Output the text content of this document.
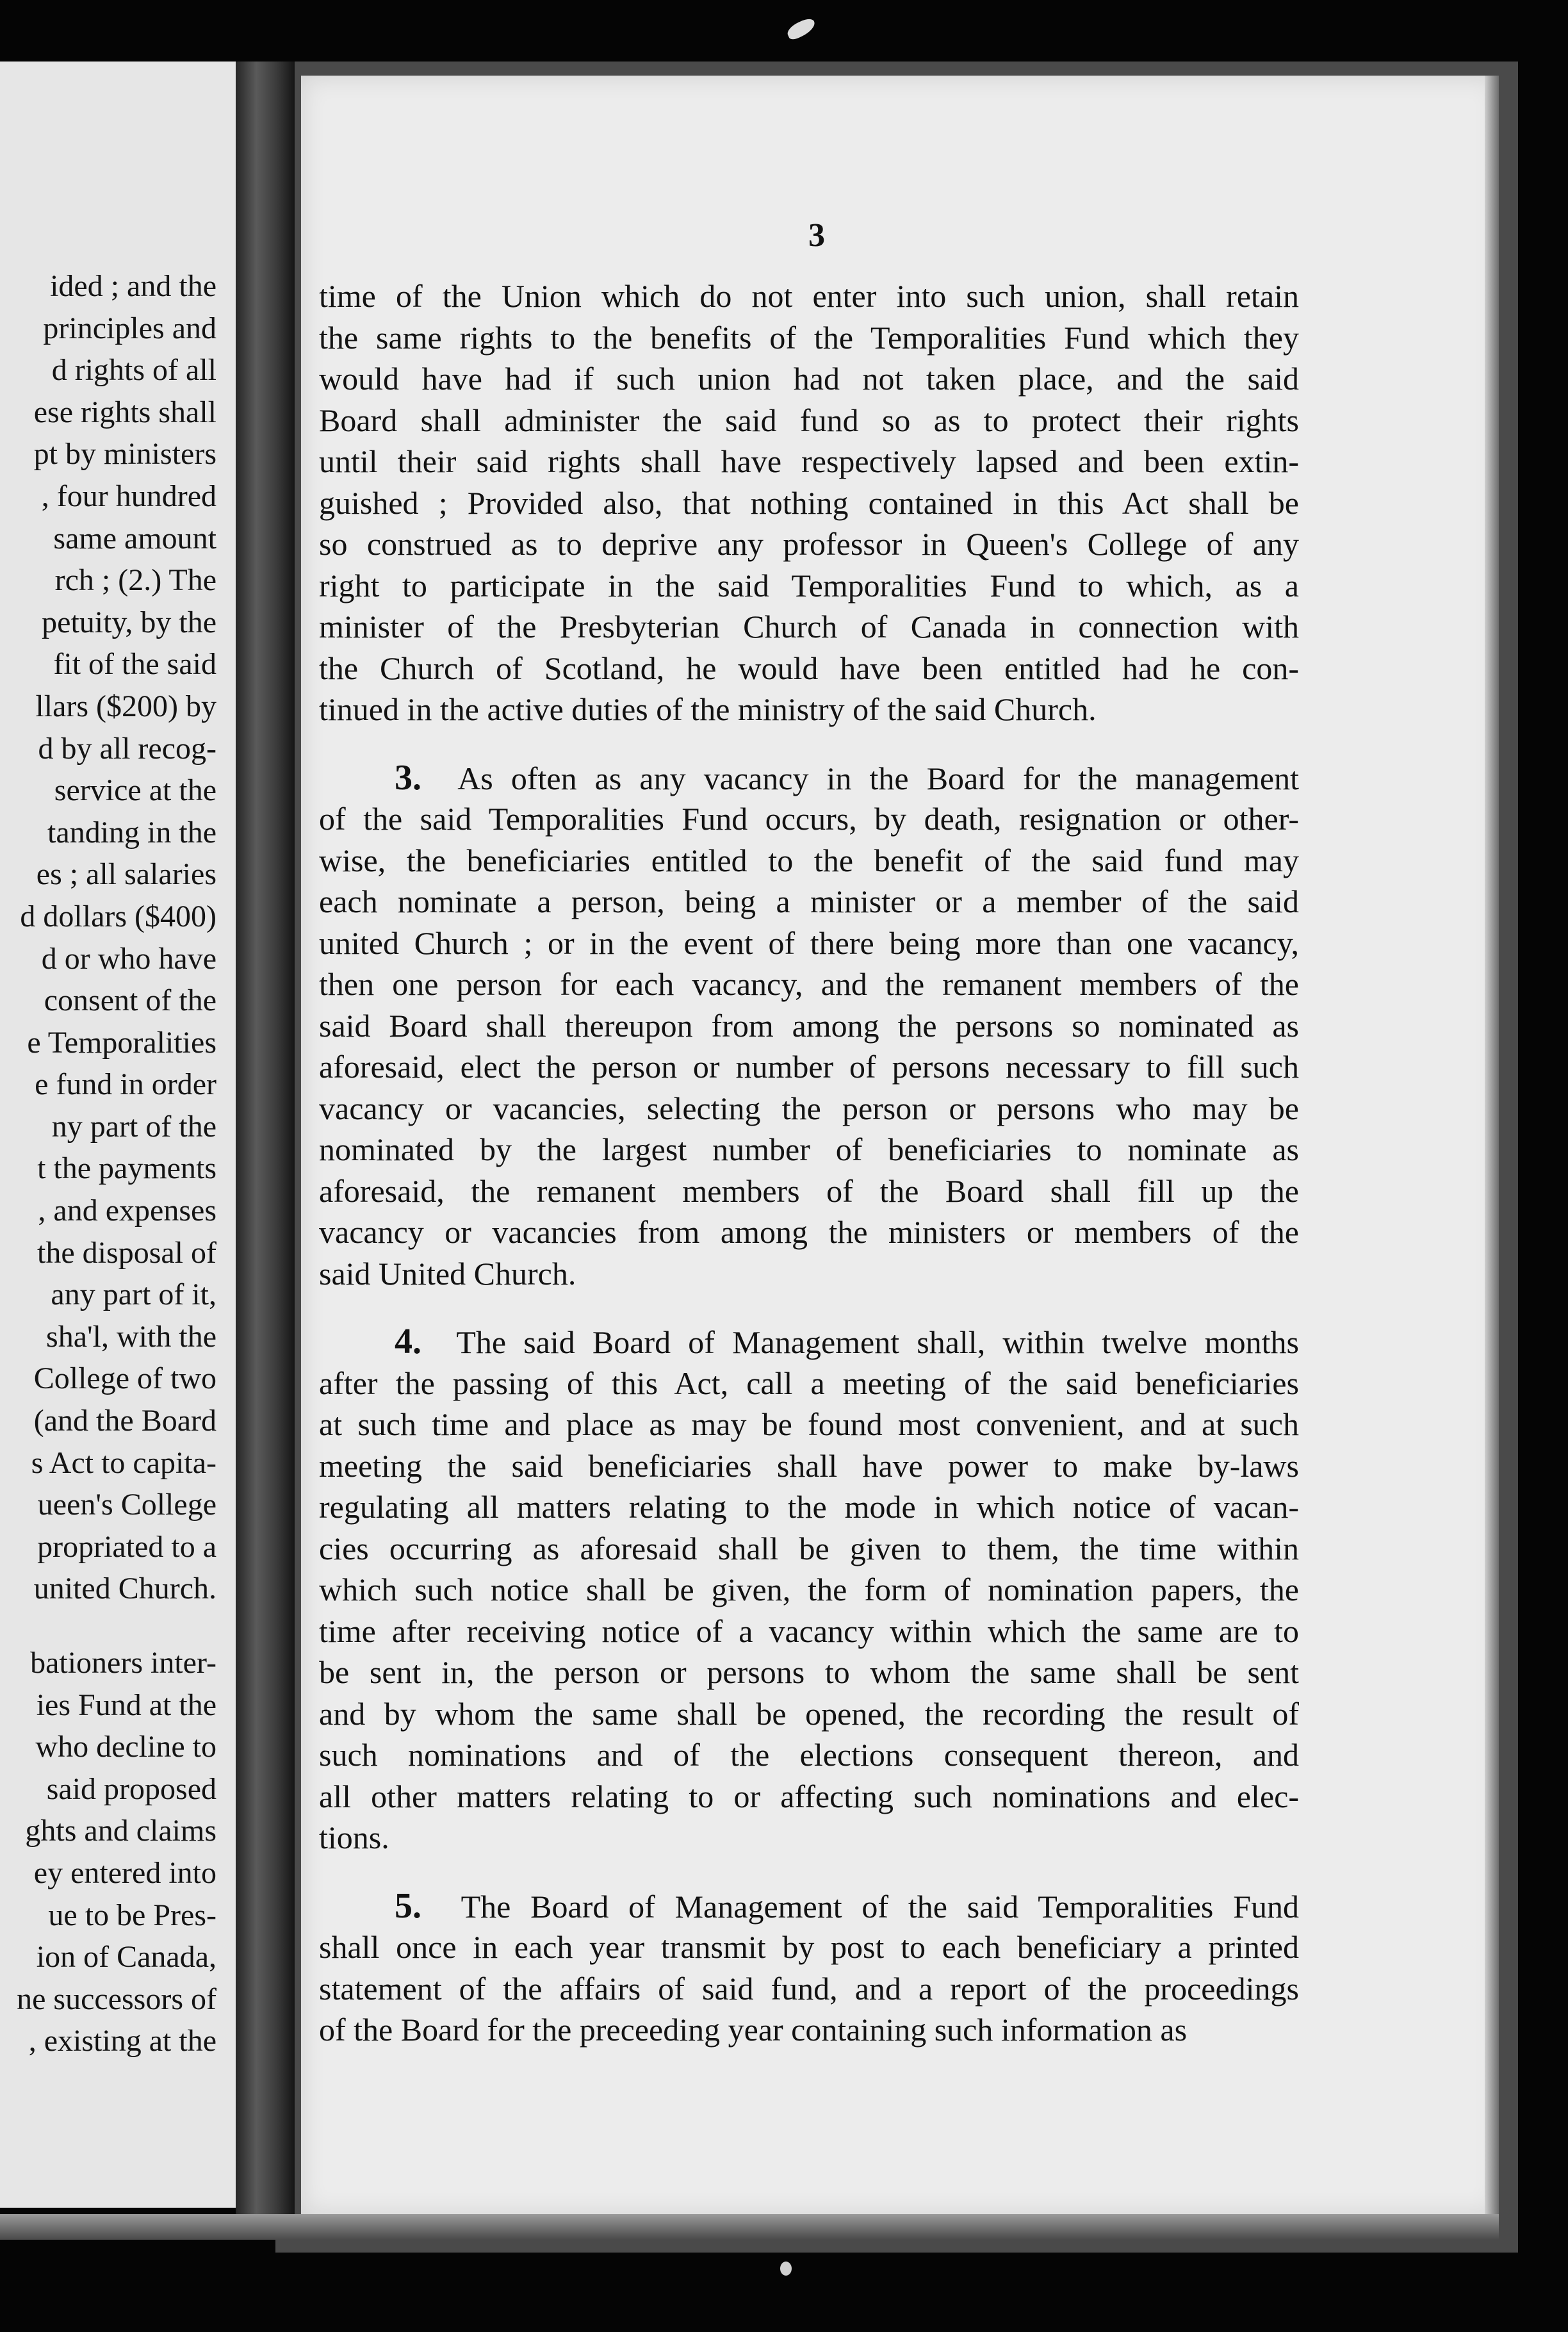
ided ; and the
principles and
d rights of all
ese rights shall
pt by ministers
, four hundred
same amount
rch ; (2.) The
petuity, by the
fit of the said
llars ($200) by
d by all recog-
service at the
tanding in the
es ; all salaries
d dollars ($400)
d or who have
consent of the
e Temporalities
e fund in order
ny part of the
t the payments
, and expenses
the disposal of
any part of it,
sha'l, with the
College of two
(and the Board
s Act to capita-
ueen's College
propriated to a
united Church.
bationers inter-
ies Fund at the
who decline to
said proposed
ghts and claims
ey entered into
ue to be Pres-
ion of Canada,
ne successors of
, existing at the
3
time of the Union which do not enter into such union, shall retain
the same rights to the benefits of the Temporalities Fund which they
would have had if such union had not taken place, and the said
Board shall administer the said fund so as to protect their rights
until their said rights shall have respectively lapsed and been extin-
guished ; Provided also, that nothing contained in this Act shall be
so construed as to deprive any professor in Queen's College of any
right to participate in the said Temporalities Fund to which, as a
minister of the Presbyterian Church of Canada in connection with
the Church of Scotland, he would have been entitled had he con-
tinued in the active duties of the ministry of the said Church.
3. As often as any vacancy in the Board for the management
of the said Temporalities Fund occurs, by death, resignation or other-
wise, the beneficiaries entitled to the benefit of the said fund may
each nominate a person, being a minister or a member of the said
united Church ; or in the event of there being more than one vacancy,
then one person for each vacancy, and the remanent members of the
said Board shall thereupon from among the persons so nominated as
aforesaid, elect the person or number of persons necessary to fill such
vacancy or vacancies, selecting the person or persons who may be
nominated by the largest number of beneficiaries to nominate as
aforesaid, the remanent members of the Board shall fill up the
vacancy or vacancies from among the ministers or members of the
said United Church.
4. The said Board of Management shall, within twelve months
after the passing of this Act, call a meeting of the said beneficiaries
at such time and place as may be found most convenient, and at such
meeting the said beneficiaries shall have power to make by-laws
regulating all matters relating to the mode in which notice of vacan-
cies occurring as aforesaid shall be given to them, the time within
which such notice shall be given, the form of nomination papers, the
time after receiving notice of a vacancy within which the same are to
be sent in, the person or persons to whom the same shall be sent
and by whom the same shall be opened, the recording the result of
such nominations and of the elections consequent thereon, and
all other matters relating to or affecting such nominations and elec-
tions.
5. The Board of Management of the said Temporalities Fund
shall once in each year transmit by post to each beneficiary a printed
statement of the affairs of said fund, and a report of the proceedings
of the Board for the preceeding year containing such information as
